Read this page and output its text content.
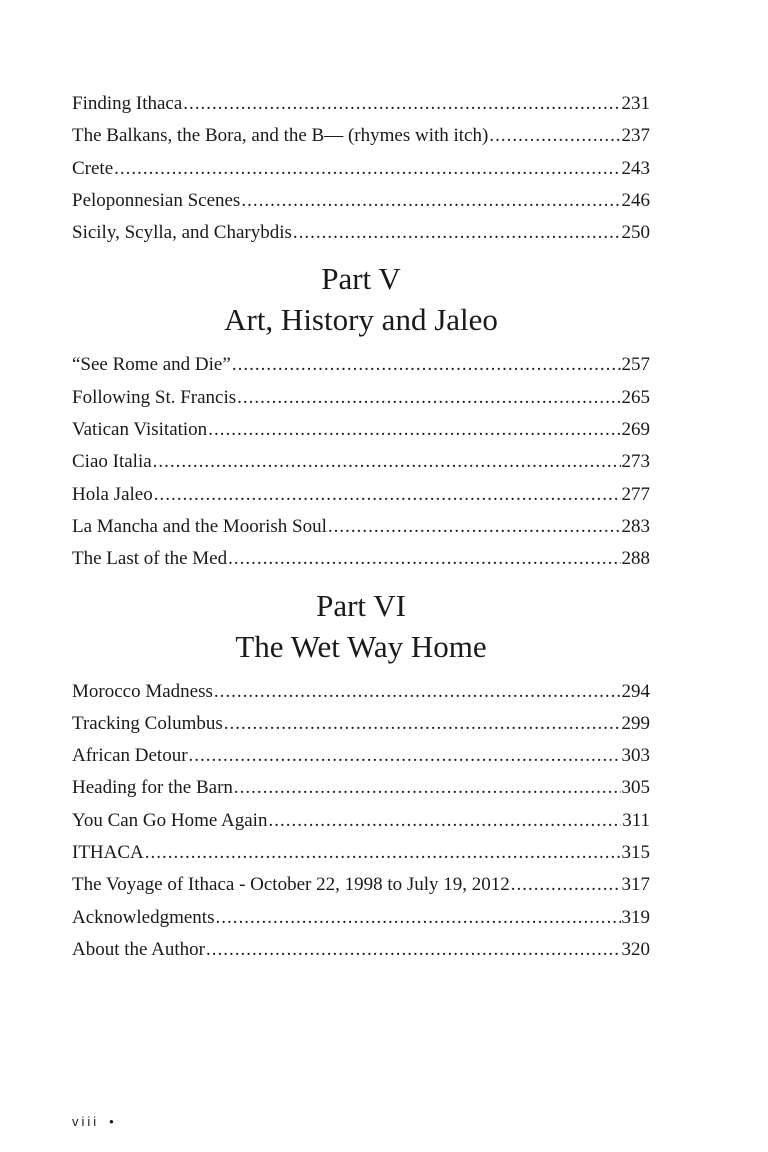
Finding Ithaca .....	231
The Balkans, the Bora, and the B— (rhymes with itch) .....	237
Crete .....	243
Peloponnesian Scenes .....	246
Sicily, Scylla, and Charybdis .....	250
Part V
Art, History and Jaleo
“See Rome and Die” .....	257
Following St. Francis .....	265
Vatican Visitation .....	269
Ciao Italia .....	273
Hola Jaleo .....	277
La Mancha and the Moorish Soul .....	283
The Last of the Med .....	288
Part VI
The Wet Way Home
Morocco Madness .....	294
Tracking Columbus .....	299
African Detour .....	303
Heading for the Barn .....	305
You Can Go Home Again .....	311
ITHACA .....	315
The Voyage of Ithaca - October 22, 1998 to July 19, 2012 .....	317
Acknowledgments .....	319
About the Author .....	320
viii •
